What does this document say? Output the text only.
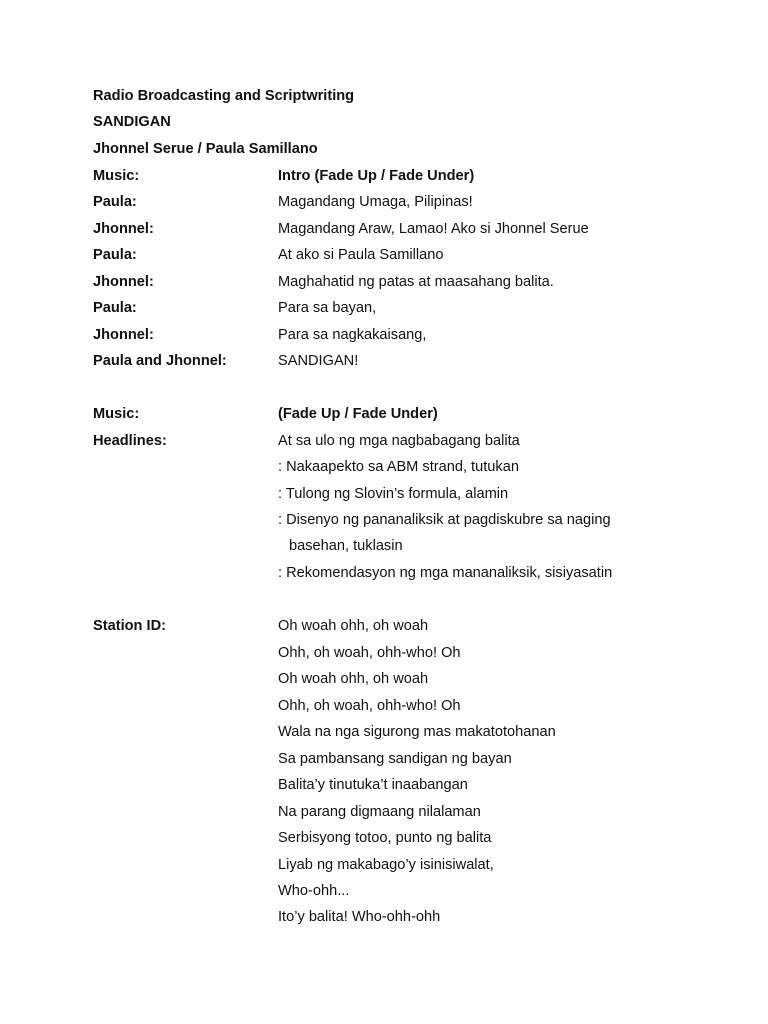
Radio Broadcasting and Scriptwriting
SANDIGAN
Jhonnel Serue / Paula Samillano
Music:	Intro (Fade Up / Fade Under)
Paula:	Magandang Umaga, Pilipinas!
Jhonnel:	Magandang Araw, Lamao! Ako si Jhonnel Serue
Paula:	At ako si Paula Samillano
Jhonnel:	Maghahatid ng patas at maasahang balita.
Paula:	Para sa bayan,
Jhonnel:	Para sa nagkakaisang,
Paula and Jhonnel:	SANDIGAN!
Music:	(Fade Up / Fade Under)
Headlines:	At sa ulo ng mga nagbabagang balita
: Nakaapekto sa ABM strand, tutukan
: Tulong ng Slovin’s formula, alamin
: Disenyo ng pananaliksik at pagdiskubre sa naging
basehan, tuklasin
: Rekomendasyon ng mga mananaliksik, sisiyasatin
Station ID:	Oh woah ohh, oh woah
Ohh, oh woah, ohh-who! Oh
Oh woah ohh, oh woah
Ohh, oh woah, ohh-who! Oh
Wala na nga sigurong mas makatotohanan
Sa pambansang sandigan ng bayan
Balita’y tinutuka’t inaabangan
Na parang digmaang nilalaman
Serbisyong totoo, punto ng balita
Liyab ng makabago’y isinisiwalat,
Who-ohh...
Ito’y balita! Who-ohh-ohh
